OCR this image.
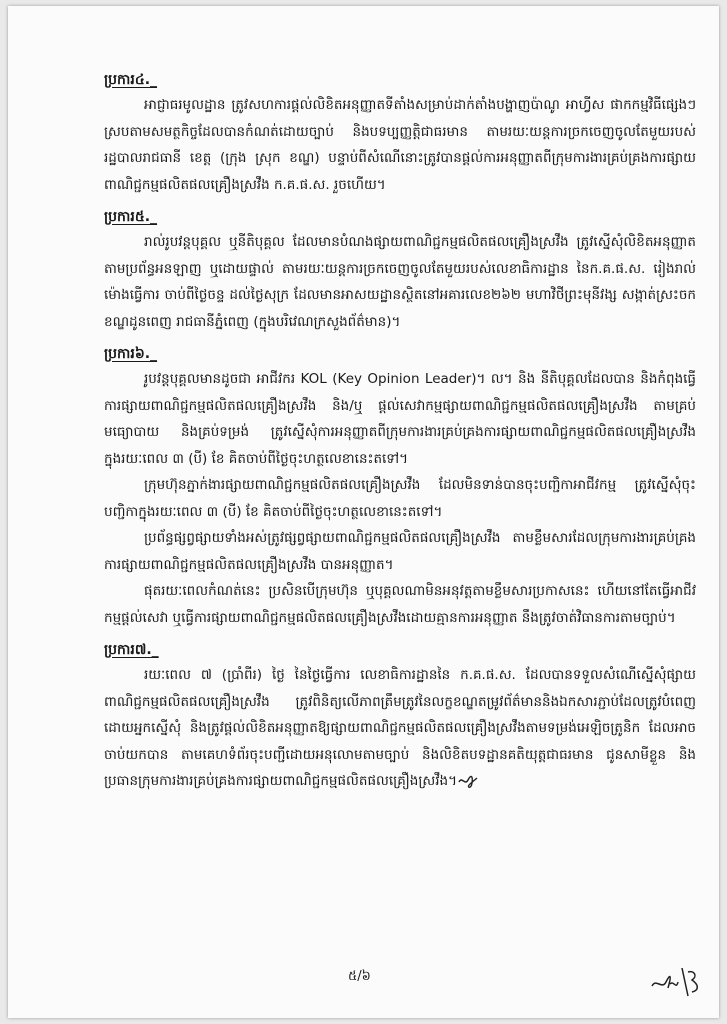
ប្រការ៤._

អាជ្ញាធរមូលដ្ឋាន ត្រូវសហការផ្តល់លិខិតអនុញ្ញាតទីតាំងសម្រាប់ដាក់តាំងបង្ហាញប៉ាណូ អាហ្វីស ផាកកម្មវិធីផ្សេងៗ ស្របតាមសមត្ថកិច្ចដែលបានកំណត់ដោយច្បាប់ និងបទប្បញ្ញត្តិជាធរមាន តាមរយៈយន្តការច្រកចេញចូលតែមួយរបស់រដ្ឋបាលរាជធានី ខេត្ត (ក្រុង ស្រុក ខណ្ឌ) បន្ទាប់ពីសំណើនោះត្រូវបានផ្តល់ការអនុញ្ញាតពីក្រុមការងារគ្រប់គ្រងការផ្សាយពាណិជ្ជកម្មផលិតផលគ្រឿងស្រវឹង ក.គ.ផ.ស. រួចហើយ។

ប្រការ៥._

រាល់រូបវន្តបុគ្គល ឬនីតិបុគ្គល ដែលមានបំណងផ្សាយពាណិជ្ជកម្មផលិតផលគ្រឿងស្រវឹង ត្រូវស្នើសុំលិខិតអនុញ្ញាតតាមប្រព័ន្ធអនឡាញ ឬដោយផ្ទាល់ តាមរយៈយន្តការច្រកចេញចូលតែមួយរបស់លេខាធិការដ្ឋាន នៃក.គ.ផ.ស. រៀងរាល់ម៉ោងធ្វើការ ចាប់ពីថ្ងៃចន្ទ ដល់ថ្ងៃសុក្រ ដែលមានអាសយដ្ឋានស្ថិតនៅអគារលេខ២៦២ មហាវិថីព្រះមុនីវង្ស សង្កាត់ស្រះចក ខណ្ឌដូនពេញ រាជធានីភ្នំពេញ (ក្នុងបរិវេណក្រសួងព័ត៌មាន)។

ប្រការ៦._

រូបវន្តបុគ្គលមានដូចជា អាជីវករ KOL (Key Opinion Leader)។ ល។ និង នីតិបុគ្គលដែលបាន និងកំពុងធ្វើការផ្សាយពាណិជ្ជកម្មផលិតផលគ្រឿងស្រវឹង និង/ឬ ផ្តល់សេវាកម្មផ្សាយពាណិជ្ជកម្មផលិតផលគ្រឿងស្រវឹង តាមគ្រប់មធ្យោបាយ និងគ្រប់ទម្រង់ ត្រូវស្នើសុំការអនុញ្ញាតពីក្រុមការងារគ្រប់គ្រងការផ្សាយពាណិជ្ជកម្មផលិតផលគ្រឿងស្រវឹង ក្នុងរយៈពេល ៣ (បី) ខែ គិតចាប់ពីថ្ងៃចុះហត្ថលេខានេះតទៅ។

ក្រុមហ៊ុនភ្នាក់ងារផ្សាយពាណិជ្ជកម្មផលិតផលគ្រឿងស្រវឹង ដែលមិនទាន់បានចុះបញ្ជិកាអាជីវកម្ម ត្រូវស្នើសុំចុះបញ្ជិកាក្នុងរយៈពេល ៣ (បី) ខែ គិតចាប់ពីថ្ងៃចុះហត្ថលេខានេះតទៅ។

ប្រព័ន្ធផ្សព្វផ្សាយទាំងអស់ត្រូវផ្សព្វផ្សាយពាណិជ្ជកម្មផលិតផលគ្រឿងស្រវឹង តាមខ្លឹមសារដែលក្រុមការងារគ្រប់គ្រងការផ្សាយពាណិជ្ជកម្មផលិតផលគ្រឿងស្រវឹង បានអនុញ្ញាត។

ផុតរយៈពេលកំណត់នេះ ប្រសិនបើក្រុមហ៊ុន ឬបុគ្គលណាមិនអនុវត្តតាមខ្លឹមសារប្រកាសនេះ ហើយនៅតែធ្វើអាជីវកម្មផ្តល់សេវា ឬធ្វើការផ្សាយពាណិជ្ជកម្មផលិតផលគ្រឿងស្រវឹងដោយគ្មានការអនុញ្ញាត នឹងត្រូវចាត់វិធានការតាមច្បាប់។

ប្រការ៧._

រយៈពេល ៧ (ប្រាំពីរ) ថ្ងៃ នៃថ្ងៃធ្វើការ លេខាធិការដ្ឋាននៃ ក.គ.ផ.ស. ដែលបានទទួលសំណើស្នើសុំផ្សាយពាណិជ្ជកម្មផលិតផលគ្រឿងស្រវឹង ត្រូវពិនិត្យលើភាពត្រឹមត្រូវនៃលក្ខខណ្ឌតម្រូវព័ត៌មាននិងឯកសារភ្ជាប់ដែលត្រូវបំពេញដោយអ្នកស្នើសុំ និងត្រូវផ្តល់លិខិតអនុញ្ញាតឱ្យផ្សាយពាណិជ្ជកម្មផលិតផលគ្រឿងស្រវឹងតាមទម្រង់អេឡិចត្រូនិក ដែលអាចចាប់យកបាន តាមគេហទំព័រចុះបញ្ជីដោយអនុលោមតាមច្បាប់ និងលិខិតបទដ្ឋានគតិយុត្តជាធរមាន ជូនសាមីខ្លួន និងប្រធានក្រុមការងារគ្រប់គ្រងការផ្សាយពាណិជ្ជកម្មផលិតផលគ្រឿងស្រវឹង។

៥/៦
